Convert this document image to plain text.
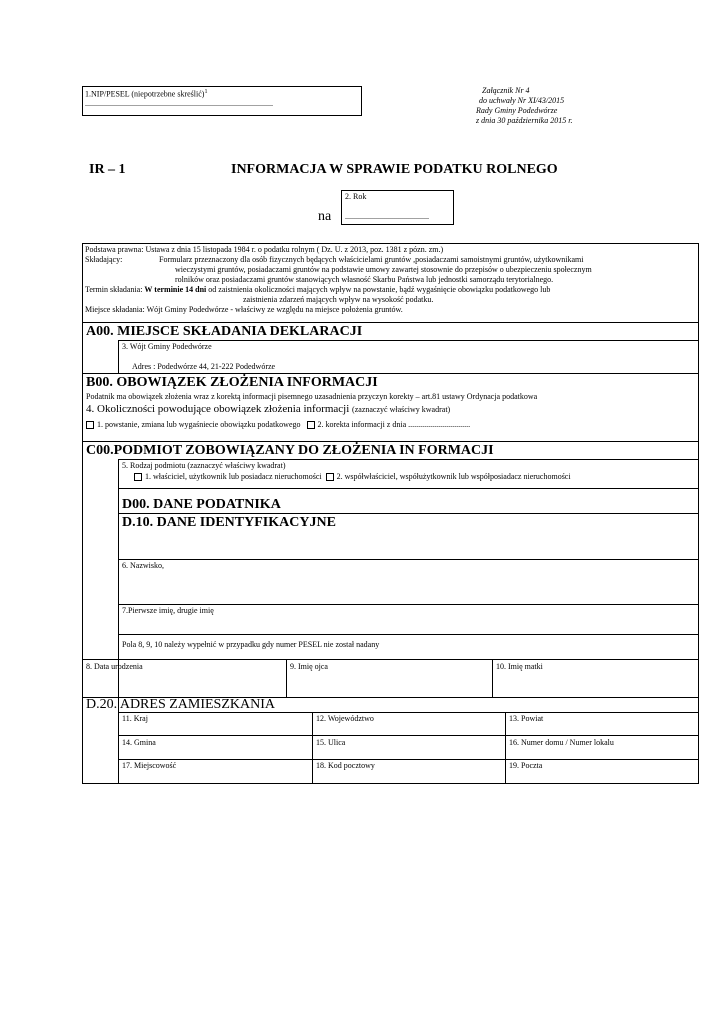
1.NIP/PESEL (niepotrzebne skreślić)$^1$
..............................................................................................
Załącznik Nr 4
do uchwały Nr XI/43/2015
Rady Gminy Podedwórze
z dnia 30 października 2015 r.
IR – 1	INFORMACJA W SPRAWIE PODATKU ROLNEGO
na
2. Rok
..........................................
Podstawa prawna: Ustawa z dnia 15 listopada 1984 r. o podatku rolnym ( Dz. U. z 2013, poz. 1381 z pózn. zm.)
Składający:	Formularz przeznaczony dla osób fizycznych będących właścicielami gruntów ,posiadaczami samoistnymi gruntów, użytkownikami
wieczystymi gruntów, posiadaczami gruntów na podstawie umowy zawartej stosownie do przepisów o ubezpieczeniu społecznym
rolników oraz posiadaczami gruntów stanowiących własność Skarbu Państwa lub jednostki samorządu terytorialnego.
Termin składania: W terminie 14 dni od zaistnienia okoliczności mających wpływ na powstanie, bądź wygaśnięcie obowiązku podatkowego lub
zaistnienia zdarzeń mających wpływ na wysokość podatku.
Miejsce składania: Wójt Gminy Podedwórze - właściwy ze względu na miejsce położenia gruntów.
A00. MIEJSCE SKŁADANIA DEKLARACJI
3. Wójt Gminy Podedwórze
Adres : Podedwórze 44, 21-222 Podedwórze
B00. OBOWIĄZEK ZŁOŻENIA INFORMACJI
Podatnik ma obowiązek złożenia wraz z korektą informacji pisemnego uzasadnienia przyczyn korekty – art.81 ustawy Ordynacja podatkowa
4. Okoliczności powodujące obowiązek złożenia informacji (zaznaczyć właściwy kwadrat)
1. powstanie, zmiana lub wygaśniecie obowiązku podatkowego 2. korekta informacji z dnia ...............................
C00.PODMIOT ZOBOWIĄZANY DO ZŁOŻENIA IN FORMACJI
5. Rodzaj podmiotu (zaznaczyć właściwy kwadrat)
1. właściciel, użytkownik lub posiadacz nieruchomości 2. współwłaściciel, współużytkownik lub współposiadacz nieruchomości
D00. DANE PODATNIKA
D.10. DANE IDENTYFIKACYJNE
6. Nazwisko,
7.Pierwsze imię, drugie imię
Pola 8, 9, 10 należy wypełnić w przypadku gdy numer PESEL nie został nadany
8. Data urodzenia	9. Imię ojca	10. Imię matki
D.20. ADRES ZAMIESZKANIA
11. Kraj	12. Województwo	13. Powiat
14. Gmina	15. Ulica	16. Numer domu / Numer lokalu
17. Miejscowość	18. Kod pocztowy	19. Poczta
